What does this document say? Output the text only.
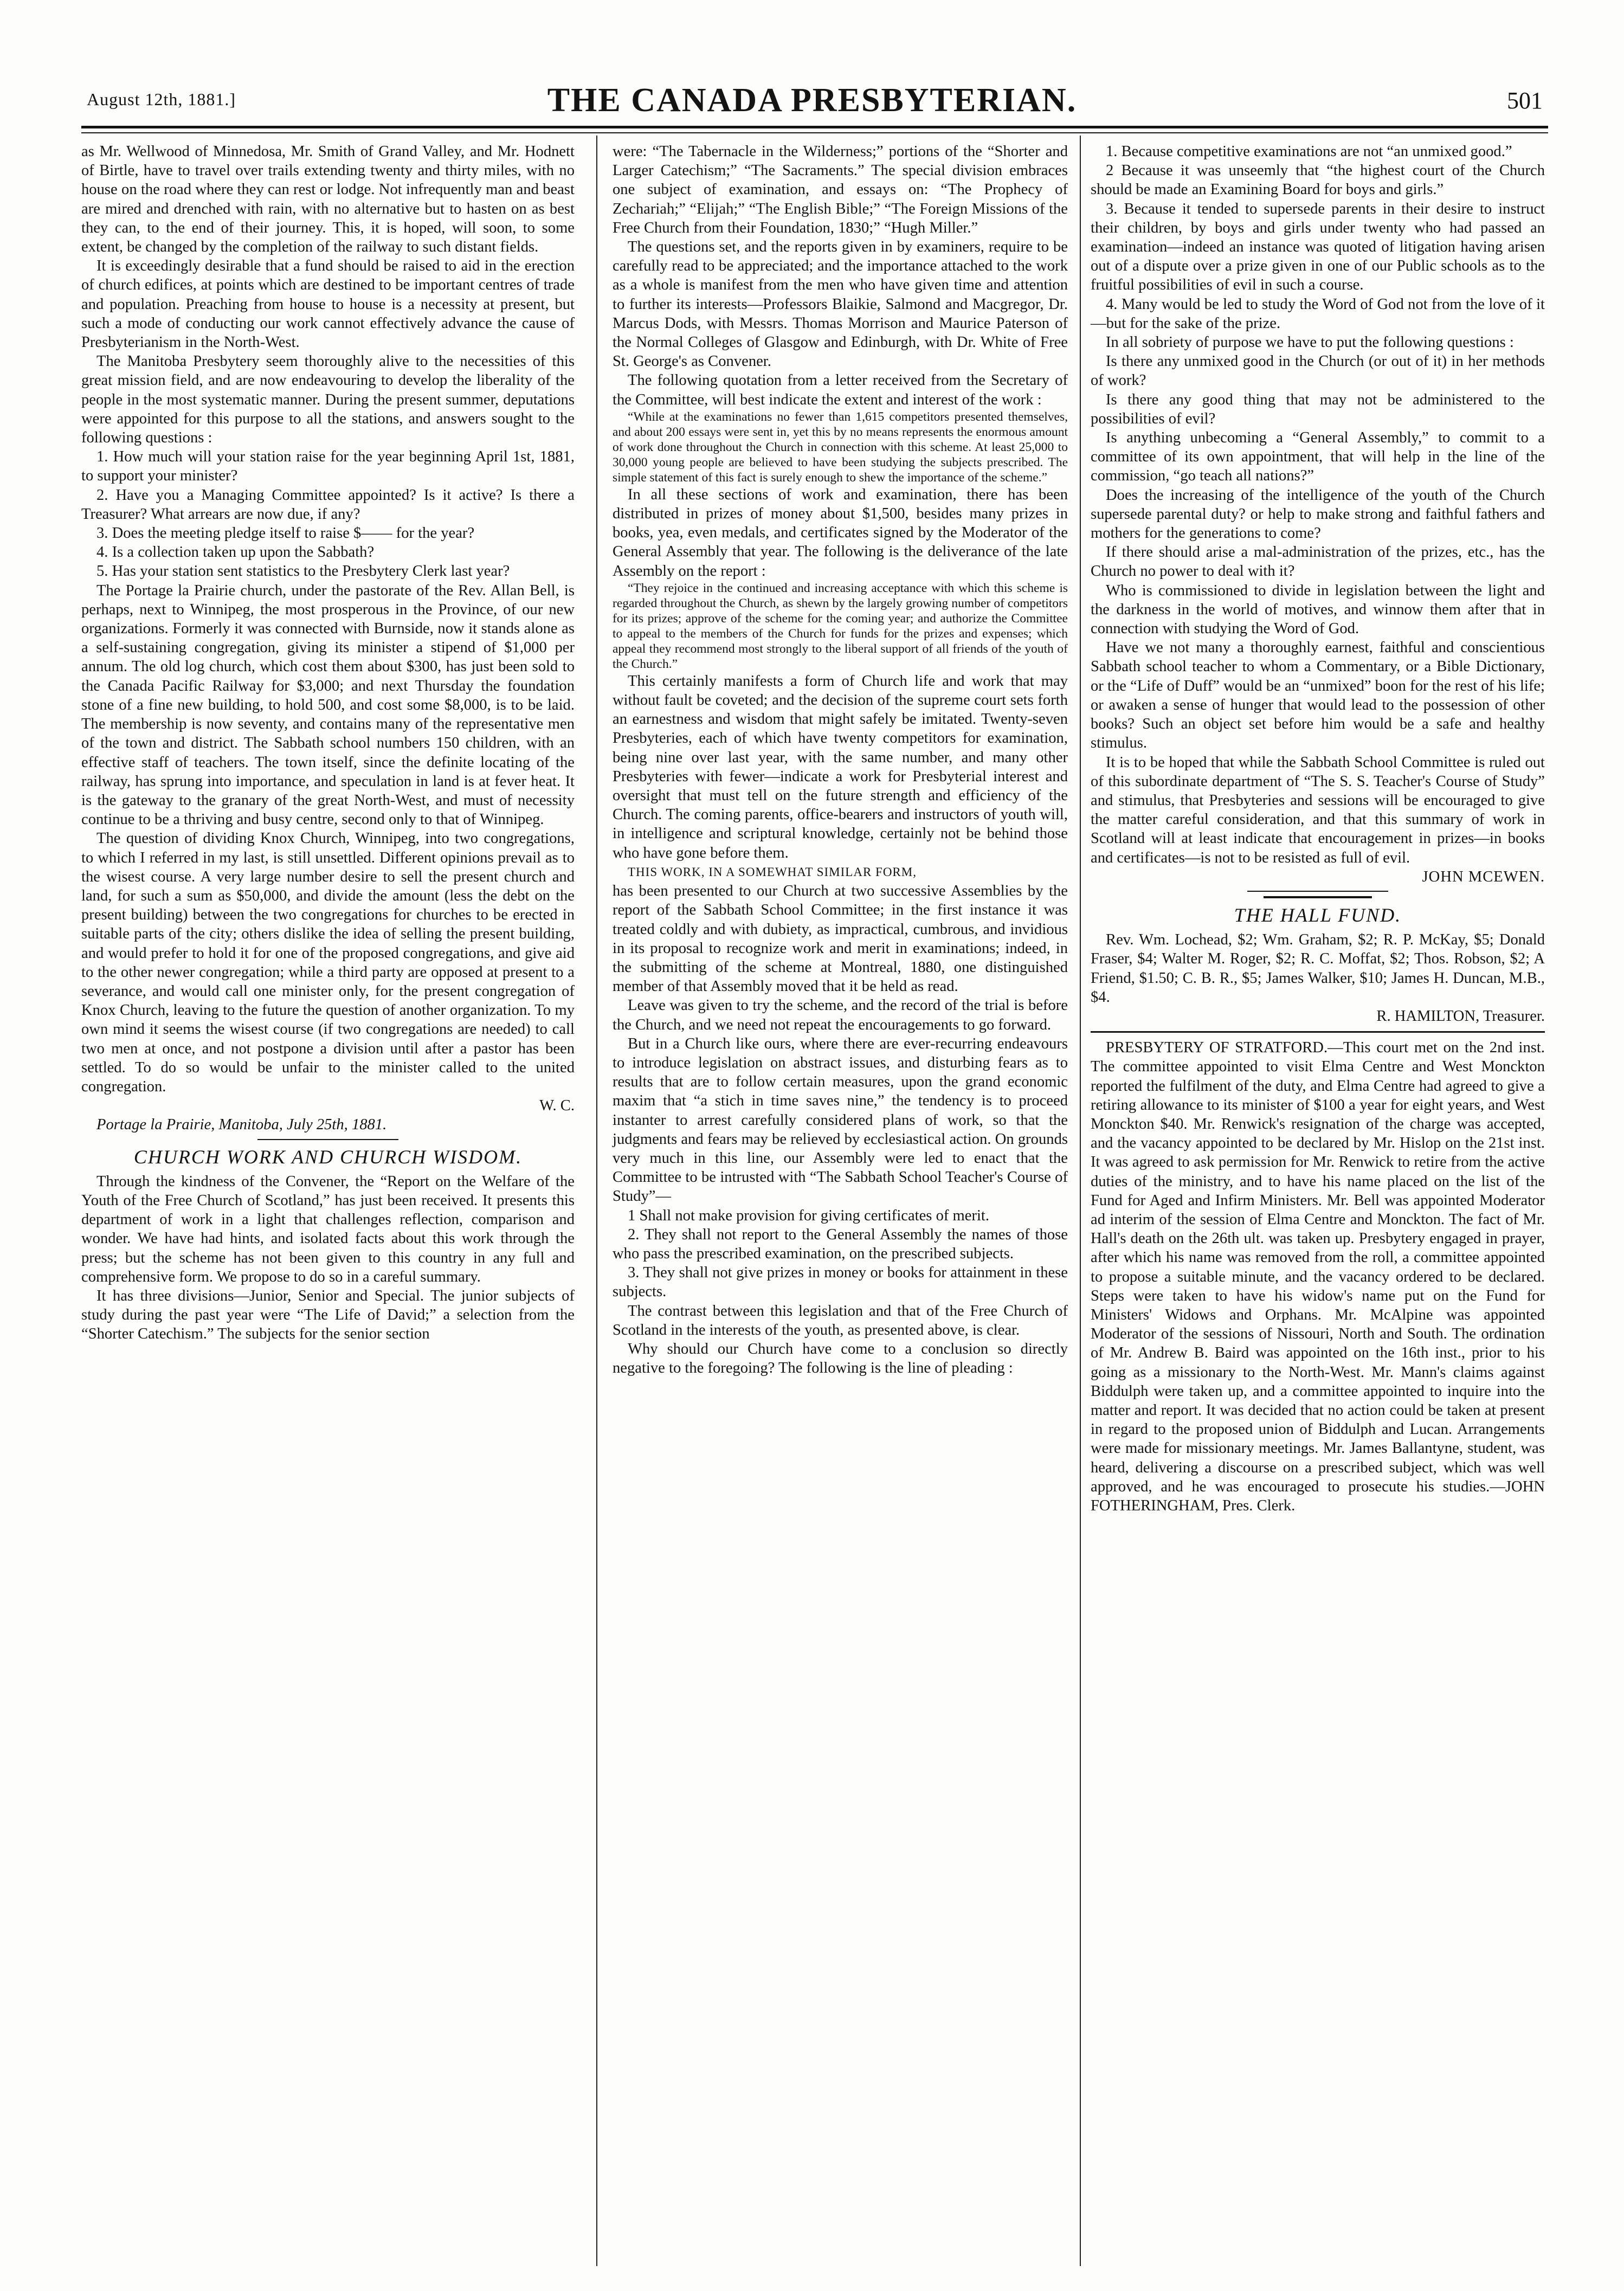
August 12th, 1881.]	THE CANADA PRESBYTERIAN.	501

as Mr. Wellwood of Minnedosa, Mr. Smith of Grand Valley, and Mr. Hodnett of Birtle, have to travel over trails extending twenty and thirty miles, with no house on the road where they can rest or lodge. Not infrequently man and beast are mired and drenched with rain, with no alternative but to hasten on as best they can, to the end of their journey. This, it is hoped, will soon, to some extent, be changed by the completion of the railway to such distant fields.

It is exceedingly desirable that a fund should be raised to aid in the erection of church edifices, at points which are destined to be important centres of trade and population. Preaching from house to house is a necessity at present, but such a mode of conducting our work cannot effectively advance the cause of Presbyterianism in the North-West.

The Manitoba Presbytery seem thoroughly alive to the necessities of this great mission field, and are now endeavouring to develop the liberality of the people in the most systematic manner. During the present summer, deputations were appointed for this purpose to all the stations, and answers sought to the following questions :

1. How much will your station raise for the year beginning April 1st, 1881, to support your minister?

2. Have you a Managing Committee appointed? Is it active? Is there a Treasurer? What arrears are now due, if any?

3. Does the meeting pledge itself to raise $—— for the year?

4. Is a collection taken up upon the Sabbath?

5. Has your station sent statistics to the Presbytery Clerk last year?

The Portage la Prairie church, under the pastorate of the Rev. Allan Bell, is perhaps, next to Winnipeg, the most prosperous in the Province, of our new organizations. Formerly it was connected with Burnside, now it stands alone as a self-sustaining congregation, giving its minister a stipend of $1,000 per annum. The old log church, which cost them about $300, has just been sold to the Canada Pacific Railway for $3,000; and next Thursday the foundation stone of a fine new building, to hold 500, and cost some $8,000, is to be laid. The membership is now seventy, and contains many of the representative men of the town and district. The Sabbath school numbers 150 children, with an effective staff of teachers. The town itself, since the definite locating of the railway, has sprung into importance, and speculation in land is at fever heat. It is the gateway to the granary of the great North-West, and must of necessity continue to be a thriving and busy centre, second only to that of Winnipeg.

The question of dividing Knox Church, Winnipeg, into two congregations, to which I referred in my last, is still unsettled. Different opinions prevail as to the wisest course. A very large number desire to sell the present church and land, for such a sum as $50,000, and divide the amount (less the debt on the present building) between the two congregations for churches to be erected in suitable parts of the city; others dislike the idea of selling the present building, and would prefer to hold it for one of the proposed congregations, and give aid to the other newer congregation; while a third party are opposed at present to a severance, and would call one minister only, for the present congregation of Knox Church, leaving to the future the question of another organization. To my own mind it seems the wisest course (if two congregations are needed) to call two men at once, and not postpone a division until after a pastor has been settled. To do so would be unfair to the minister called to the united congregation.

W. C.

Portage la Prairie, Manitoba, July 25th, 1881.

CHURCH WORK AND CHURCH WISDOM.

Through the kindness of the Convener, the “Report on the Welfare of the Youth of the Free Church of Scotland,” has just been received. It presents this department of work in a light that challenges reflection, comparison and wonder. We have had hints, and isolated facts about this work through the press; but the scheme has not been given to this country in any full and comprehensive form. We propose to do so in a careful summary.

It has three divisions—Junior, Senior and Special. The junior subjects of study during the past year were “The Life of David;” a selection from the “Shorter Catechism.” The subjects for the senior section

were: “The Tabernacle in the Wilderness;” portions of the “Shorter and Larger Catechism;” “The Sacraments.” The special division embraces one subject of examination, and essays on: “The Prophecy of Zechariah;” “Elijah;” “The English Bible;” “The Foreign Missions of the Free Church from their Foundation, 1830;” “Hugh Miller.”

The questions set, and the reports given in by examiners, require to be carefully read to be appreciated; and the importance attached to the work as a whole is manifest from the men who have given time and attention to further its interests—Professors Blaikie, Salmond and Macgregor, Dr. Marcus Dods, with Messrs. Thomas Morrison and Maurice Paterson of the Normal Colleges of Glasgow and Edinburgh, with Dr. White of Free St. George's as Convener.

The following quotation from a letter received from the Secretary of the Committee, will best indicate the extent and interest of the work :

“While at the examinations no fewer than 1,615 competitors presented themselves, and about 200 essays were sent in, yet this by no means represents the enormous amount of work done throughout the Church in connection with this scheme. At least 25,000 to 30,000 young people are believed to have been studying the subjects prescribed. The simple statement of this fact is surely enough to shew the importance of the scheme.”

In all these sections of work and examination, there has been distributed in prizes of money about $1,500, besides many prizes in books, yea, even medals, and certificates signed by the Moderator of the General Assembly that year. The following is the deliverance of the late Assembly on the report :

“They rejoice in the continued and increasing acceptance with which this scheme is regarded throughout the Church, as shewn by the largely growing number of competitors for its prizes; approve of the scheme for the coming year; and authorize the Committee to appeal to the members of the Church for funds for the prizes and expenses; which appeal they recommend most strongly to the liberal support of all friends of the youth of the Church.”

This certainly manifests a form of Church life and work that may without fault be coveted; and the decision of the supreme court sets forth an earnestness and wisdom that might safely be imitated. Twenty-seven Presbyteries, each of which have twenty competitors for examination, being nine over last year, with the same number, and many other Presbyteries with fewer—indicate a work for Presbyterial interest and oversight that must tell on the future strength and efficiency of the Church. The coming parents, office-bearers and instructors of youth will, in intelligence and scriptural knowledge, certainly not be behind those who have gone before them.

THIS WORK, IN A SOMEWHAT SIMILAR FORM,

has been presented to our Church at two successive Assemblies by the report of the Sabbath School Committee; in the first instance it was treated coldly and with dubiety, as impractical, cumbrous, and invidious in its proposal to recognize work and merit in examinations; indeed, in the submitting of the scheme at Montreal, 1880, one distinguished member of that Assembly moved that it be held as read.

Leave was given to try the scheme, and the record of the trial is before the Church, and we need not repeat the encouragements to go forward.

But in a Church like ours, where there are ever-recurring endeavours to introduce legislation on abstract issues, and disturbing fears as to results that are to follow certain measures, upon the grand economic maxim that “a stich in time saves nine,” the tendency is to proceed instanter to arrest carefully considered plans of work, so that the judgments and fears may be relieved by ecclesiastical action. On grounds very much in this line, our Assembly were led to enact that the Committee to be intrusted with “The Sabbath School Teacher's Course of Study”—

1 Shall not make provision for giving certificates of merit.

2. They shall not report to the General Assembly the names of those who pass the prescribed examination, on the prescribed subjects.

3. They shall not give prizes in money or books for attainment in these subjects.

The contrast between this legislation and that of the Free Church of Scotland in the interests of the youth, as presented above, is clear.

Why should our Church have come to a conclusion so directly negative to the foregoing? The following is the line of pleading :

1. Because competitive examinations are not “an unmixed good.”

2 Because it was unseemly that “the highest court of the Church should be made an Examining Board for boys and girls.”

3. Because it tended to supersede parents in their desire to instruct their children, by boys and girls under twenty who had passed an examination—indeed an instance was quoted of litigation having arisen out of a dispute over a prize given in one of our Public schools as to the fruitful possibilities of evil in such a course.

4. Many would be led to study the Word of God not from the love of it—but for the sake of the prize.

In all sobriety of purpose we have to put the following questions :

Is there any unmixed good in the Church (or out of it) in her methods of work?

Is there any good thing that may not be administered to the possibilities of evil?

Is anything unbecoming a “General Assembly,” to commit to a committee of its own appointment, that will help in the line of the commission, “go teach all nations?”

Does the increasing of the intelligence of the youth of the Church supersede parental duty? or help to make strong and faithful fathers and mothers for the generations to come?

If there should arise a mal-administration of the prizes, etc., has the Church no power to deal with it?

Who is commissioned to divide in legislation between the light and the darkness in the world of motives, and winnow them after that in connection with studying the Word of God.

Have we not many a thoroughly earnest, faithful and conscientious Sabbath school teacher to whom a Commentary, or a Bible Dictionary, or the “Life of Duff” would be an “unmixed” boon for the rest of his life; or awaken a sense of hunger that would lead to the possession of other books? Such an object set before him would be a safe and healthy stimulus.

It is to be hoped that while the Sabbath School Committee is ruled out of this subordinate department of “The S. S. Teacher's Course of Study” and stimulus, that Presbyteries and sessions will be encouraged to give the matter careful consideration, and that this summary of work in Scotland will at least indicate that encouragement in prizes—in books and certificates—is not to be resisted as full of evil.

JOHN MCEWEN.

THE HALL FUND.

Rev. Wm. Lochead, $2; Wm. Graham, $2; R. P. McKay, $5; Donald Fraser, $4; Walter M. Roger, $2; R. C. Moffat, $2; Thos. Robson, $2; A Friend, $1.50; C. B. R., $5; James Walker, $10; James H. Duncan, M.B., $4.

R. HAMILTON, Treasurer.

PRESBYTERY OF STRATFORD.—This court met on the 2nd inst. The committee appointed to visit Elma Centre and West Monckton reported the fulfilment of the duty, and Elma Centre had agreed to give a retiring allowance to its minister of $100 a year for eight years, and West Monckton $40. Mr. Renwick's resignation of the charge was accepted, and the vacancy appointed to be declared by Mr. Hislop on the 21st inst. It was agreed to ask permission for Mr. Renwick to retire from the active duties of the ministry, and to have his name placed on the list of the Fund for Aged and Infirm Ministers. Mr. Bell was appointed Moderator ad interim of the session of Elma Centre and Monckton. The fact of Mr. Hall's death on the 26th ult. was taken up. Presbytery engaged in prayer, after which his name was removed from the roll, a committee appointed to propose a suitable minute, and the vacancy ordered to be declared. Steps were taken to have his widow's name put on the Fund for Ministers' Widows and Orphans. Mr. McAlpine was appointed Moderator of the sessions of Nissouri, North and South. The ordination of Mr. Andrew B. Baird was appointed on the 16th inst., prior to his going as a missionary to the North-West. Mr. Mann's claims against Biddulph were taken up, and a committee appointed to inquire into the matter and report. It was decided that no action could be taken at present in regard to the proposed union of Biddulph and Lucan. Arrangements were made for missionary meetings. Mr. James Ballantyne, student, was heard, delivering a discourse on a prescribed subject, which was well approved, and he was encouraged to prosecute his studies.—JOHN FOTHERINGHAM, Pres. Clerk.
